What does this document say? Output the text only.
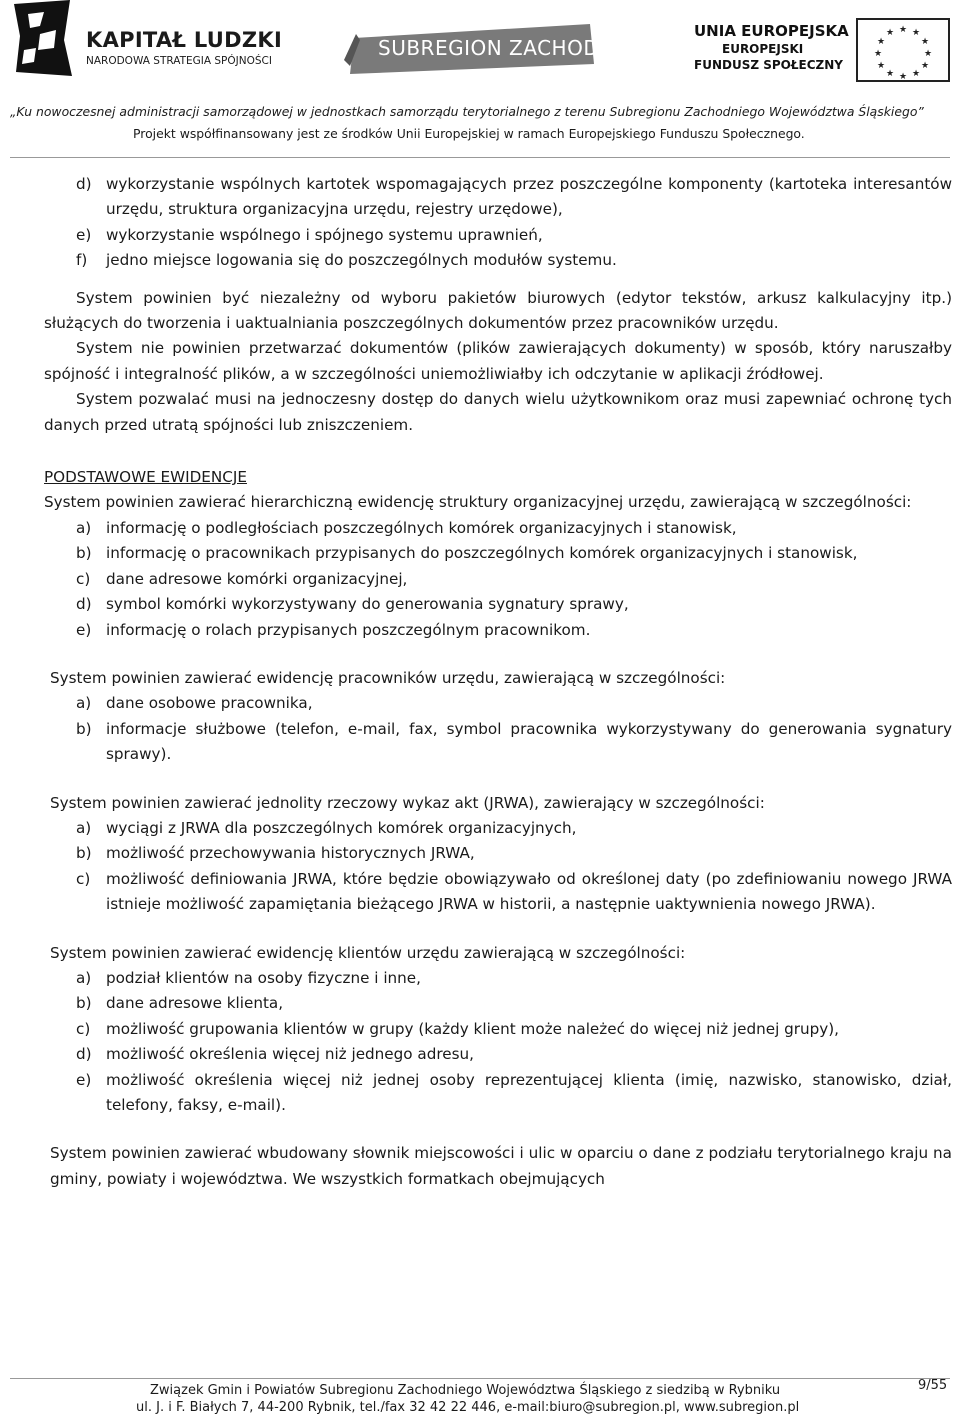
KAPITAŁ LUDZKI
NARODOWA STRATEGIA SPÓJNOŚCI
SUBREGION ZACHODNI
UNIA EUROPEJSKA
EUROPEJSKI
FUNDUSZ SPOŁECZNY
★ ★
★
★
★
★
★
★
★
★
★
★
„Ku nowoczesnej administracji samorządowej w jednostkach samorządu terytorialnego z terenu Subregionu Zachodniego Województwa Śląskiego”
Projekt współfinansowany jest ze środków Unii Europejskiej w ramach Europejskiego Funduszu Społecznego.
d) wykorzystanie wspólnych kartotek wspomagających przez poszczególne komponenty (kartoteka interesantów urzędu, struktura organizacyjna urzędu, rejestry urzędowe),
e) wykorzystanie wspólnego i spójnego systemu uprawnień,
f)	jedno miejsce logowania się do poszczególnych modułów systemu.

System powinien być niezależny od wyboru pakietów biurowych (edytor tekstów, arkusz kalkulacyjny itp.) służących do tworzenia i uaktualniania poszczególnych dokumentów przez pracowników urzędu.

System nie powinien przetwarzać dokumentów (plików zawierających dokumenty) w sposób, który naruszałby spójność i integralność plików, a w szczególności uniemożliwiałby ich odczytanie w aplikacji źródłowej.

System pozwalać musi na jednoczesny dostęp do danych wielu użytkownikom oraz musi zapewniać ochronę tych danych przed utratą spójności lub zniszczeniem.

PODSTAWOWE EWIDENCJE

System powinien zawierać hierarchiczną ewidencję struktury organizacyjnej urzędu, zawierającą w szczególności:

a) informację o podległościach poszczególnych komórek organizacyjnych i stanowisk,
b) informację o pracownikach przypisanych do poszczególnych komórek organizacyjnych i stanowisk,
c)	dane adresowe komórki organizacyjnej,
d) symbol komórki wykorzystywany do generowania sygnatury sprawy,
e) informację o rolach przypisanych poszczególnym pracownikom.

System powinien zawierać ewidencję pracowników urzędu, zawierającą w szczególności:

a) dane osobowe pracownika,
b) informacje służbowe (telefon, e-mail, fax, symbol pracownika wykorzystywany do generowania sygnatury sprawy).

System powinien zawierać jednolity rzeczowy wykaz akt (JRWA), zawierający w szczególności:

a) wyciągi z JRWA dla poszczególnych komórek organizacyjnych,
b) możliwość przechowywania historycznych JRWA,
c)	możliwość definiowania JRWA, które będzie obowiązywało od określonej daty (po zdefiniowaniu nowego JRWA istnieje możliwość zapamiętania bieżącego JRWA w historii, a następnie uaktywnienia nowego JRWA).

System powinien zawierać ewidencję klientów urzędu zawierającą w szczególności:

a) podział klientów na osoby fizyczne i inne,
b) dane adresowe klienta,
c)	możliwość grupowania klientów w grupy (każdy klient może należeć do więcej niż jednej grupy),
d) możliwość określenia więcej niż jednego adresu,
e) możliwość określenia więcej niż jednej osoby reprezentującej klienta (imię, nazwisko, stanowisko, dział, telefony, faksy, e-mail).

System powinien zawierać wbudowany słownik miejscowości i ulic w oparciu o dane z podziału terytorialnego kraju na gminy, powiaty i województwa. We wszystkich formatkach obejmujących

Związek Gmin i Powiatów Subregionu Zachodniego Województwa Śląskiego z siedzibą w Rybniku
ul. J. i F. Białych 7, 44-200 Rybnik, tel./fax 32 42 22 446, e-mail:biuro@subregion.pl, www.subregion.pl
9/55
